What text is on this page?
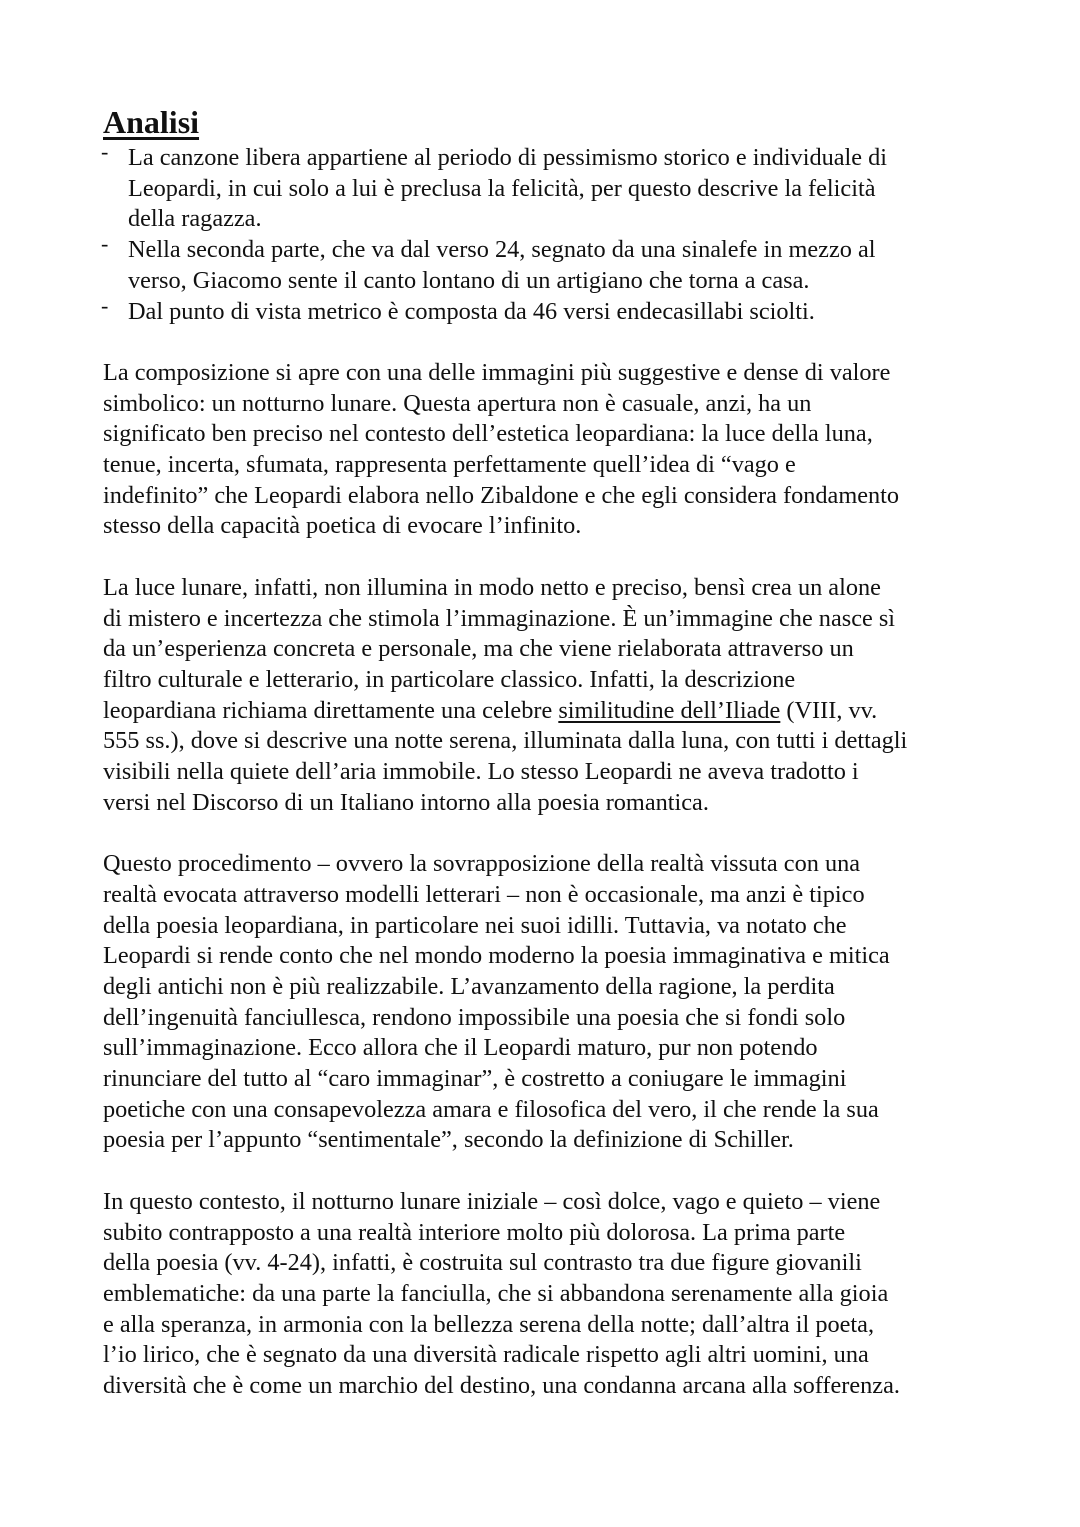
Analisi
- La canzone libera appartiene al periodo di pessimismo storico e individuale di
Leopardi, in cui solo a lui è preclusa la felicità, per questo descrive la felicità
della ragazza.
- Nella seconda parte, che va dal verso 24, segnato da una sinalefe in mezzo al
verso, Giacomo sente il canto lontano di un artigiano che torna a casa.
- Dal punto di vista metrico è composta da 46 versi endecasillabi sciolti.
La composizione si apre con una delle immagini più suggestive e dense di valore
simbolico: un notturno lunare. Questa apertura non è casuale, anzi, ha un
significato ben preciso nel contesto dell’estetica leopardiana: la luce della luna,
tenue, incerta, sfumata, rappresenta perfettamente quell’idea di “vago e
indefinito” che Leopardi elabora nello Zibaldone e che egli considera fondamento
stesso della capacità poetica di evocare l’infinito.
La luce lunare, infatti, non illumina in modo netto e preciso, bensì crea un alone
di mistero e incertezza che stimola l’immaginazione. È un’immagine che nasce sì
da un’esperienza concreta e personale, ma che viene rielaborata attraverso un
filtro culturale e letterario, in particolare classico. Infatti, la descrizione
leopardiana richiama direttamente una celebre similitudine dell’Iliade (VIII, vv.
555 ss.), dove si descrive una notte serena, illuminata dalla luna, con tutti i dettagli
visibili nella quiete dell’aria immobile. Lo stesso Leopardi ne aveva tradotto i
versi nel Discorso di un Italiano intorno alla poesia romantica.
Questo procedimento – ovvero la sovrapposizione della realtà vissuta con una
realtà evocata attraverso modelli letterari – non è occasionale, ma anzi è tipico
della poesia leopardiana, in particolare nei suoi idilli. Tuttavia, va notato che
Leopardi si rende conto che nel mondo moderno la poesia immaginativa e mitica
degli antichi non è più realizzabile. L’avanzamento della ragione, la perdita
dell’ingenuità fanciullesca, rendono impossibile una poesia che si fondi solo
sull’immaginazione. Ecco allora che il Leopardi maturo, pur non potendo
rinunciare del tutto al “caro immaginar”, è costretto a coniugare le immagini
poetiche con una consapevolezza amara e filosofica del vero, il che rende la sua
poesia per l’appunto “sentimentale”, secondo la definizione di Schiller.
In questo contesto, il notturno lunare iniziale – così dolce, vago e quieto – viene
subito contrapposto a una realtà interiore molto più dolorosa. La prima parte
della poesia (vv. 4-24), infatti, è costruita sul contrasto tra due figure giovanili
emblematiche: da una parte la fanciulla, che si abbandona serenamente alla gioia
e alla speranza, in armonia con la bellezza serena della notte; dall’altra il poeta,
l’io lirico, che è segnato da una diversità radicale rispetto agli altri uomini, una
diversità che è come un marchio del destino, una condanna arcana alla sofferenza.
